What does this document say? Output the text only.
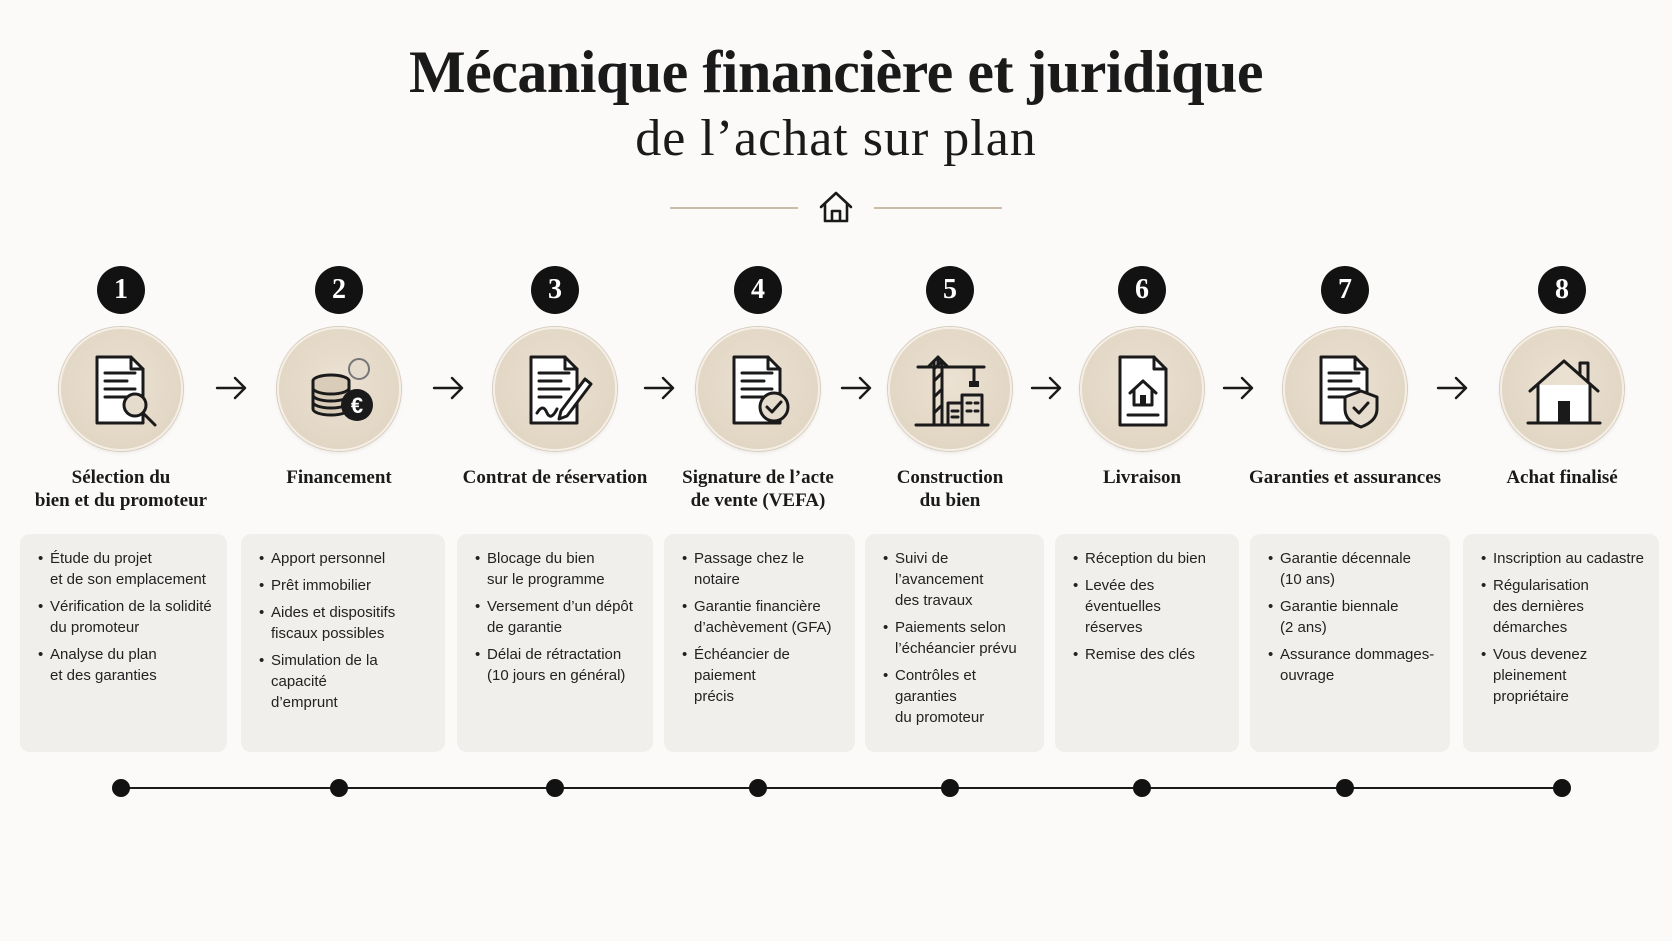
Mécanique financière et juridique
de l’achat sur plan
1
Sélection du
bien et du promoteur
• Étude du projet
et de son emplacement
• Vérification de la solidité
du promoteur
• Analyse du plan
et des garanties
2
€
Financement
• Apport personnel
• Prêt immobilier
• Aides et dispositifs
fiscaux possibles
• Simulation de la capacité
d’emprunt
3
Contrat de réservation
• Blocage du bien
sur le programme
• Versement d’un dépôt
de garantie
• Délai de rétractation
(10 jours en général)
4
Signature de l’acte
de vente (VEFA)
• Passage chez le notaire
• Garantie financière
d’achèvement (GFA)
• Échéancier de paiement
précis
5
Construction
du bien
• Suivi de l’avancement
des travaux
• Paiements selon
l’échéancier prévu
• Contrôles et garanties
du promoteur
6
Livraison
• Réception du bien
• Levée des éventuelles
réserves
• Remise des clés
7
Garanties et assurances
• Garantie décennale
(10 ans)
• Garantie biennale
(2 ans)
• Assurance dommages-
ouvrage
8
Achat finalisé
• Inscription au cadastre
• Régularisation
des dernières démarches
• Vous devenez pleinement
propriétaire
